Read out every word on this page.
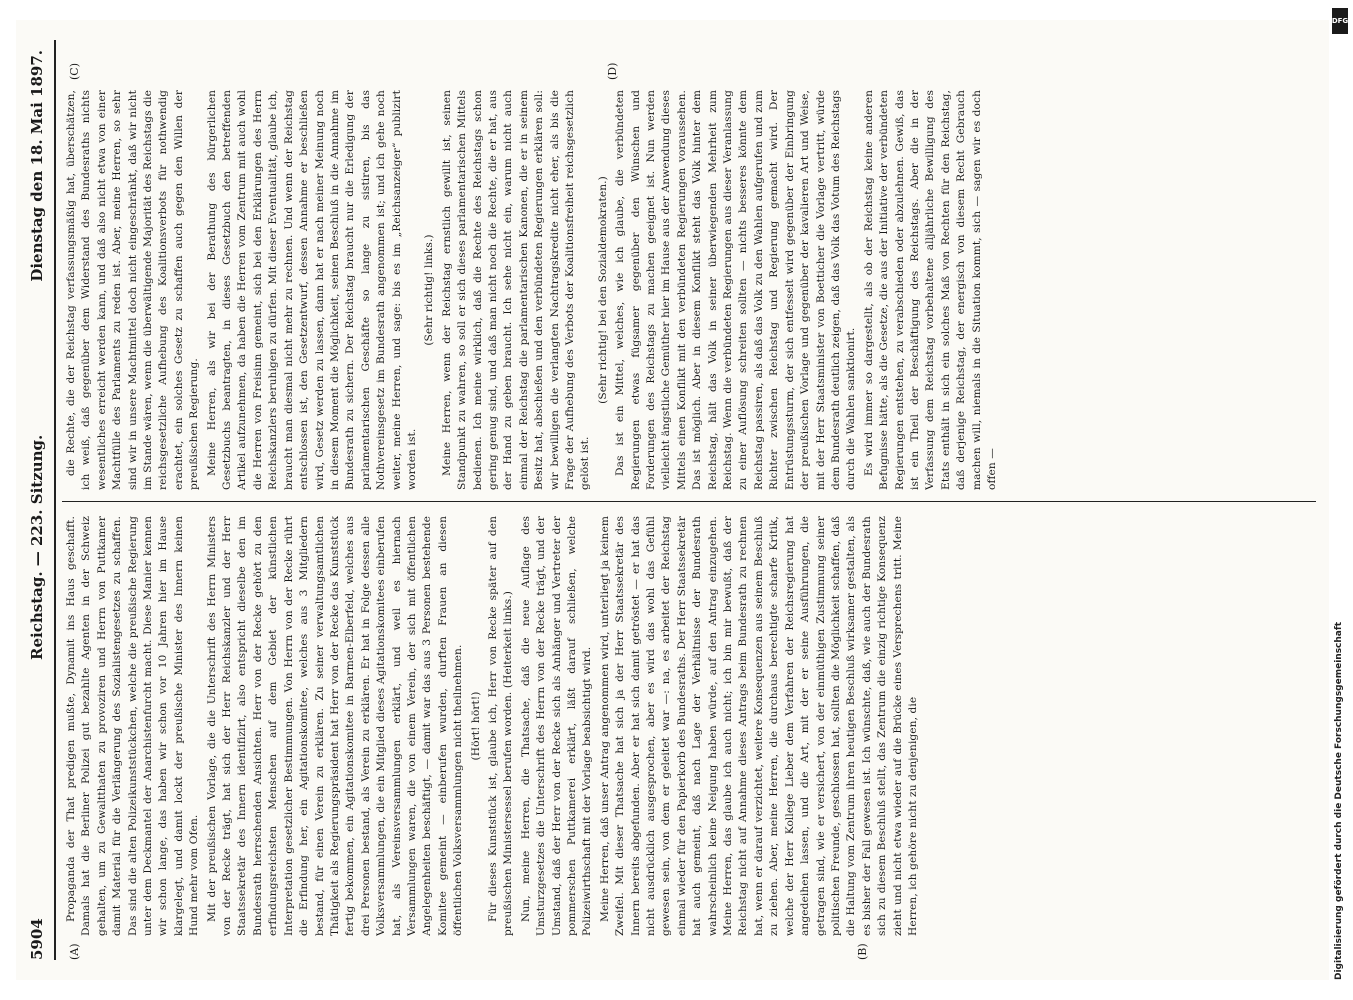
5904
Reichstag. — 223. Sitzung.
Dienstag den 18. Mai 1897.
(A)	(B)
(C)	(D)

Propaganda der That predigen mußte, Dynamit ins Haus geschafft. Damals hat die Berliner Polizei gut bezahlte Agenten in der Schweiz gehalten, um zu Gewaltthaten zu provoziren und Herrn von Puttkamer damit Material für die Verlängerung des Sozialistengesetzes zu schaffen. Das sind die alten Polizeikunststückchen, welche die preußische Regierung unter dem Deckmantel der Anarchistenfurcht macht. Diese Manier kennen wir schon lange, das haben wir schon vor 10 Jahren hier im Hause klargelegt, und damit lockt der preußische Minister des Innern keinen Hund mehr vom Ofen. Mit der preußischen Vorlage, die die Unterschrift des Herrn Ministers von der Recke trägt, hat sich der Herr Reichskanzler und der Herr Staatssekretär des Innern identifizirt, also entspricht dieselbe den im Bundesrath herrschenden Ansichten. Herr von der Recke gehört zu den erfindungsreichsten Menschen auf dem Gebiet der künstlichen Interpretation gesetzlicher Bestimmungen. Von Herrn von der Recke rührt die Erfindung her, ein Agitationskomitee, welches aus 3 Mitgliedern bestand, für einen Verein zu erklären. Zu seiner verwaltungsamtlichen Thätigkeit als Regierungspräsident hat Herr von der Recke das Kunststück fertig bekommen, ein Agitationskomitee in Barmen-Elberfeld, welches aus drei Personen bestand, als Verein zu erklären. Er hat in Folge dessen alle Volksversammlungen, die ein Mitglied dieses Agitationskomitees einberufen hat, als Vereinsversammlungen erklärt, und weil es hiernach Versammlungen waren, die von einem Verein, der sich mit öffentlichen Angelegenheiten beschäftigt, — damit war das aus 3 Personen bestehende Komitee gemeint — einberufen wurden, durften Frauen an diesen öffentlichen Volksversammlungen nicht theilnehmen. (Hört! hört!) Für dieses Kunststück ist, glaube ich, Herr von Recke später auf den preußischen Ministersessel berufen worden. (Heiterkeit links.) Nun, meine Herren, die Thatsache, daß die neue Auflage des Umsturzgesetzes die Unterschrift des Herrn von der Recke trägt, und der Umstand, daß der Herr von der Recke sich als Anhänger und Vertreter der pommerschen Puttkamerei erklärt, läßt darauf schließen, welche Polizeiwirthschaft mit der Vorlage beabsichtigt wird. Meine Herren, daß unser Antrag angenommen wird, unterliegt ja keinem Zweifel. Mit dieser Thatsache hat sich ja der Herr Staatssekretär des Innern bereits abgefunden. Aber er hat sich damit getröstet — er hat das nicht ausdrücklich ausgesprochen, aber es wird das wohl das Gefühl gewesen sein, von dem er geleitet war —: na, es arbeitet der Reichstag einmal wieder für den Papierkorb des Bundesraths. Der Herr Staatssekretär hat auch gemeint, daß nach Lage der Verhältnisse der Bundesrath wahrscheinlich keine Neigung haben würde, auf den Antrag einzugehen. Meine Herren, das glaube ich auch nicht; ich bin mir bewußt, daß der Reichstag nicht auf Annahme dieses Antrags beim Bundesrath zu rechnen hat, wenn er darauf verzichtet, weitere Konsequenzen aus seinem Beschluß zu ziehen. Aber, meine Herren, die durchaus berechtigte scharfe Kritik, welche der Herr Kollege Lieber dem Verfahren der Reichsregierung hat angedeihen lassen, und die Art, mit der er seine Ausführungen, die getragen sind, wie er versichert, von der einmüthigen Zustimmung seiner politischen Freunde, geschlossen hat, sollten die Möglichkeit schaffen, daß die Haltung vom Zentrum ihren heutigen Beschluß wirksamer gestalten, als es bisher der Fall gewesen ist. Ich wünschte, daß, wie auch der Bundesrath sich zu diesem Beschluß stellt, das Zentrum die einzig richtige Konsequenz zieht und nicht etwa wieder auf die Brücke eines Versprechens tritt. Meine Herren, ich gehöre nicht zu denjenigen, die

die Rechte, die der Reichstag verfassungsmäßig hat, überschätzen, ich weiß, daß gegenüber dem Widerstand des Bundesraths nichts wesentliches erreicht werden kann, und daß also nicht etwa von einer Machtfülle des Parlaments zu reden ist. Aber, meine Herren, so sehr sind wir in unsere Machtmittel doch nicht eingeschränkt, daß wir nicht im Stande wären, wenn die überwältigende Majorität des Reichstags die reichsgesetzliche Aufhebung des Koalitionsverbots für nothwendig erachtet, ein solches Gesetz zu schaffen auch gegen den Willen der preußischen Regierung. Meine Herren, als wir bei der Berathung des bürgerlichen Gesetzbuchs beantragten, in dieses Gesetzbuch den betreffenden Artikel aufzunehmen, da haben die Herren vom Zentrum mit auch wohl die Herren von Freisinn gemeint, sich bei den Erklärungen des Herrn Reichskanzlers beruhigen zu dürfen. Mit dieser Eventualität, glaube ich, braucht man diesmal nicht mehr zu rechnen. Und wenn der Reichstag entschlossen ist, den Gesetzentwurf, dessen Annahme er beschließen wird, Gesetz werden zu lassen, dann hat er nach meiner Meinung noch in diesem Moment die Möglichkeit, seinen Beschluß in die Annahme im Bundesrath zu sichern. Der Reichstag braucht nur die Erledigung der parlamentarischen Geschäfte so lange zu sistiren, bis das Nothvereinsgesetz im Bundesrath angenommen ist; und ich gehe noch weiter, meine Herren, und sage: bis es im „Reichsanzeiger“ publizirt worden ist.

(Sehr richtig! links.) Meine Herren, wenn der Reichstag ernstlich gewillt ist, seinen Standpunkt zu wahren, so soll er sich dieses parlamentarischen Mittels bedienen. Ich meine wirklich, daß die Rechte des Reichstags schon gering genug sind, und daß man nicht noch die Rechte, die er hat, aus der Hand zu geben braucht. Ich sehe nicht ein, warum nicht auch einmal der Reichstag die parlamentarischen Kanonen, die er in seinem Besitz hat, abschießen und den verbündeten Regierungen erklären soll: wir bewilligen die verlangten Nachtragskredite nicht eher, als bis die Frage der Aufhebung des Verbots der Koalitionsfreiheit reichsgesetzlich gelöst ist.

(Sehr richtig! bei den Sozialdemokraten.) Das ist ein Mittel, welches, wie ich glaube, die verbündeten Regierungen etwas fügsamer gegenüber den Wünschen und Forderungen des Reichstags zu machen geeignet ist. Nun werden vielleicht ängstliche Gemüther hier im Hause aus der Anwendung dieses Mittels einen Konflikt mit den verbündeten Regierungen voraussehen. Das ist möglich. Aber in diesem Konflikt steht das Volk hinter dem Reichstag, hält das Volk in seiner überwiegenden Mehrheit zum Reichstag. Wenn die verbündeten Regierungen aus dieser Veranlassung zu einer Auflösung schreiten sollten — nichts besseres könnte dem Reichstag passiren, als daß das Volk zu den Wahlen aufgerufen und zum Richter zwischen Reichstag und Regierung gemacht wird. Der Entrüstungssturm, der sich entfesselt wird gegenüber der Einbringung der preußischen Vorlage und gegenüber der kavalieren Art und Weise, mit der Herr Staatsminister von Boetticher die Vorlage vertritt, würde dem Bundesrath deutlich zeigen, daß das Volk das Votum des Reichstags durch die Wahlen sanktionirt. Es wird immer so dargestellt, als ob der Reichstag keine anderen Befugnisse hätte, als die Gesetze, die aus der Initiative der verbündeten Regierungen entstehen, zu verabschieden oder abzulehnen. Gewiß, das ist ein Theil der Beschäftigung des Reichstags. Aber die in der Verfassung dem Reichstag vorbehaltene alljährliche Bewilligung des Etats enthält in sich ein solches Maß von Rechten für den Reichstag, daß derjenige Reichstag, der energisch von diesem Recht Gebrauch machen will, niemals in die Situation kommt, sich — sagen wir es doch offen —

DFG
Digitalisierung gefördert durch die Deutsche Forschungsgemeinschaft
